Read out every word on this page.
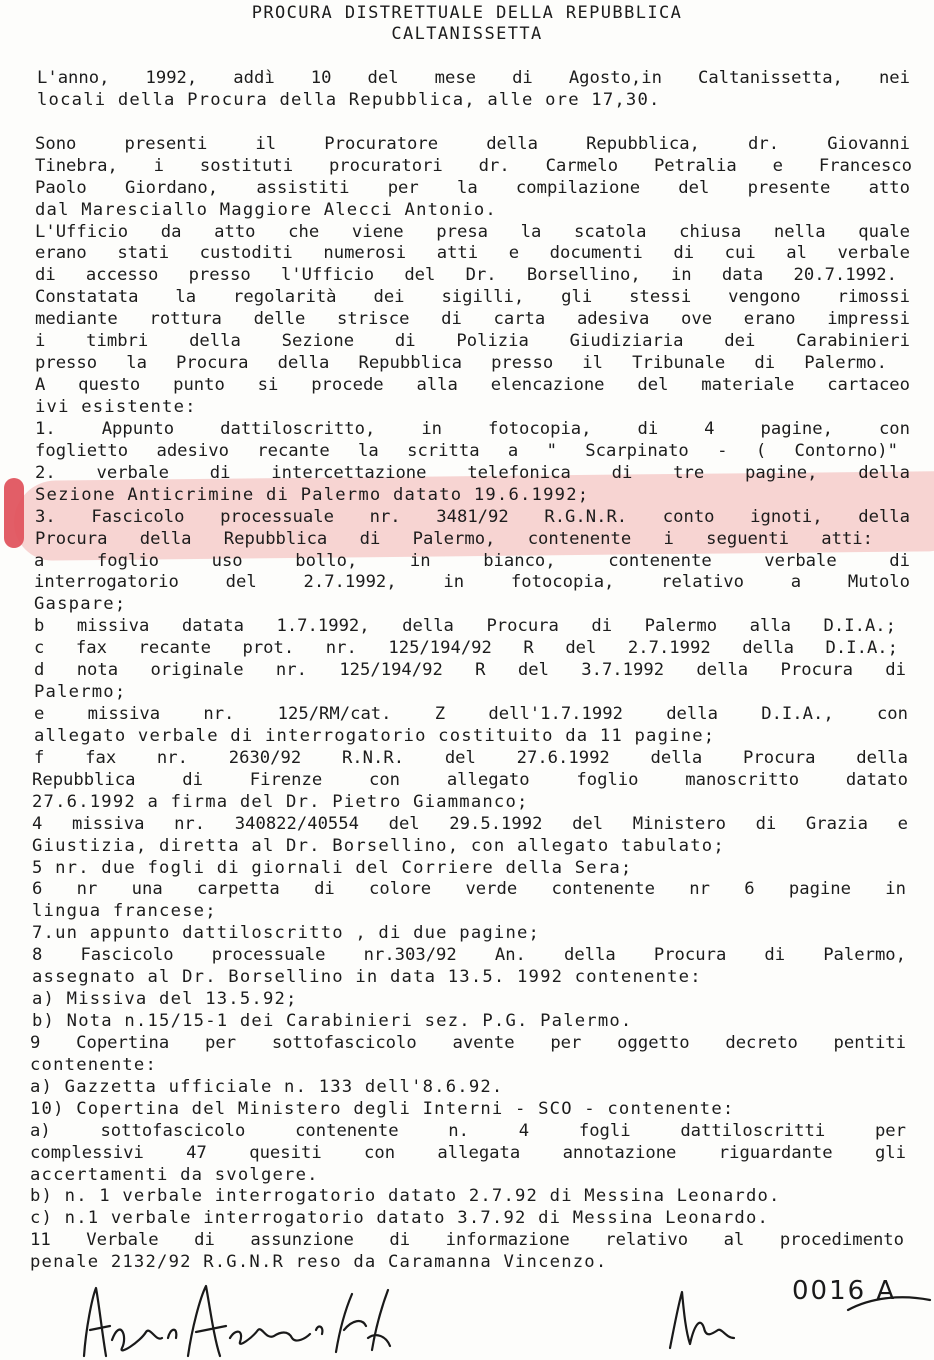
PROCURA DISTRETTUALE DELLA REPUBBLICA
CALTANISSETTA
L'anno, 1992, addì 10 del mese di Agosto,in Caltanissetta, nei
locali della Procura della Repubblica, alle ore 17,30.
Sono presenti il Procuratore della Repubblica, dr. Giovanni
Tinebra, i sostituti procuratori dr. Carmelo Petralia e Francesco
Paolo Giordano, assistiti per la compilazione del presente atto
dal Maresciallo Maggiore Alecci Antonio.
L'Ufficio da atto che viene presa la scatola chiusa nella quale
erano stati custoditi numerosi atti e documenti di cui al verbale
di accesso presso l'Ufficio del Dr. Borsellino, in data 20.7.1992.
Constatata la regolarità dei sigilli, gli stessi vengono rimossi
mediante rottura delle strisce di carta adesiva ove erano impressi
i timbri della Sezione di Polizia Giudiziaria dei Carabinieri
presso la Procura della Repubblica presso il Tribunale di Palermo.
A questo punto si procede alla elencazione del materiale cartaceo
ivi esistente:
1. Appunto dattiloscritto, in fotocopia, di 4 pagine, con
foglietto adesivo recante la scritta a " Scarpinato - ( Contorno)"
2. verbale di intercettazione telefonica di tre pagine, della
Sezione Anticrimine di Palermo datato 19.6.1992;
3. Fascicolo processuale nr. 3481/92 R.G.N.R. conto ignoti, della
Procura della Repubblica di Palermo, contenente i seguenti atti:
a foglio uso bollo, in bianco, contenente verbale di
interrogatorio del 2.7.1992, in fotocopia, relativo a Mutolo
Gaspare;
b missiva datata 1.7.1992, della Procura di Palermo alla D.I.A.;
c fax recante prot. nr. 125/194/92 R del 2.7.1992 della D.I.A.;
d nota originale nr. 125/194/92 R del 3.7.1992 della Procura di
Palermo;
e missiva nr. 125/RM/cat. Z dell'1.7.1992 della D.I.A., con
allegato verbale di interrogatorio costituito da 11 pagine;
f fax nr. 2630/92 R.N.R. del 27.6.1992 della Procura della
Repubblica di Firenze con allegato foglio manoscritto datato
27.6.1992 a firma del Dr. Pietro Giammanco;
4 missiva nr. 340822/40554 del 29.5.1992 del Ministero di Grazia e
Giustizia, diretta al Dr. Borsellino, con allegato tabulato;
5 nr. due fogli di giornali del Corriere della Sera;
6 nr una carpetta di colore verde contenente nr 6 pagine in
lingua francese;
7.un appunto dattiloscritto , di due pagine;
8 Fascicolo processuale nr.303/92 An. della Procura di Palermo,
assegnato al Dr. Borsellino in data 13.5. 1992 contenente:
a) Missiva del 13.5.92;
b) Nota n.15/15-1 dei Carabinieri sez. P.G. Palermo.
9 Copertina per sottofascicolo avente per oggetto decreto pentiti
contenente:
a) Gazzetta ufficiale n. 133 dell'8.6.92.
10) Copertina del Ministero degli Interni - SCO - contenente:
a) sottofascicolo contenente n. 4 fogli dattiloscritti per
complessivi 47 quesiti con allegata annotazione riguardante gli
accertamenti da svolgere.
b) n. 1 verbale interrogatorio datato 2.7.92 di Messina Leonardo.
c) n.1 verbale interrogatorio datato 3.7.92 di Messina Leonardo.
11 Verbale di assunzione di informazione relativo al procedimento
penale 2132/92 R.G.N.R reso da Caramanna Vincenzo.
0016 A
